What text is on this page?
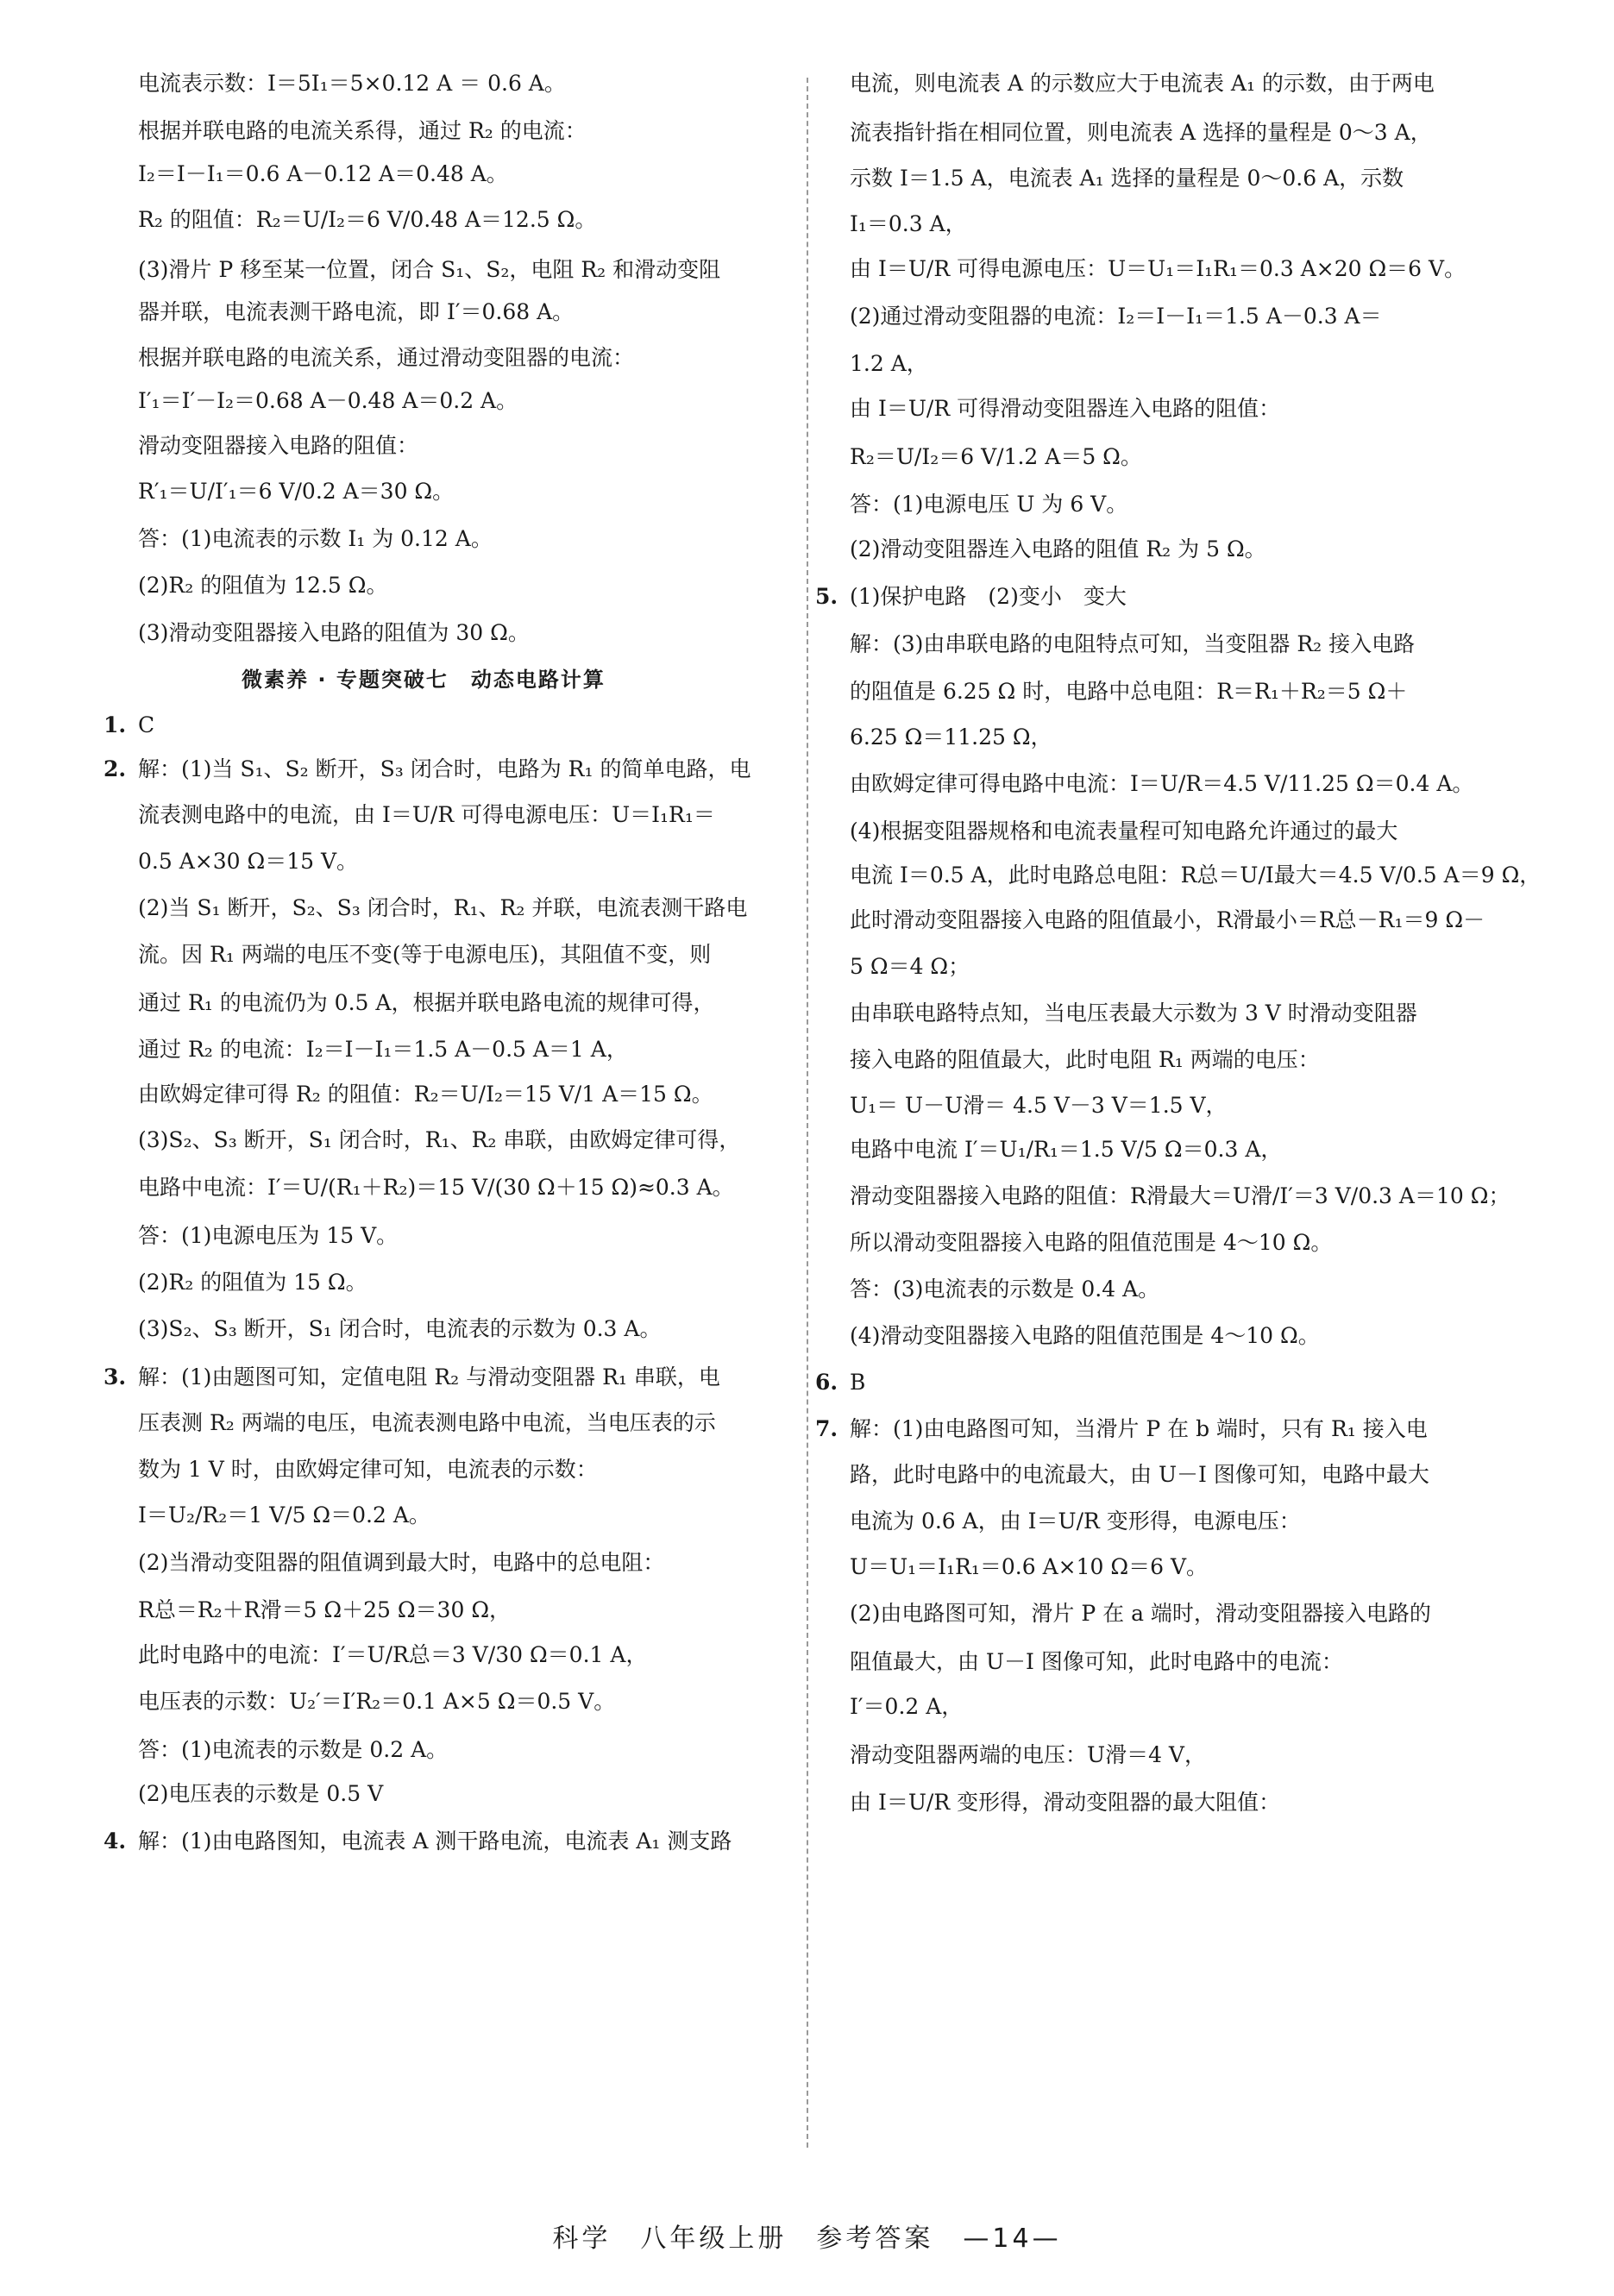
电流表示数：I＝5I₁＝5×0.12 A ＝ 0.6 A。
根据并联电路的电流关系得，通过 R₂ 的电流：
I₂＝I－I₁＝0.6 A－0.12 A＝0.48 A。
R₂ 的阻值：R₂＝U/I₂＝6 V/0.48 A＝12.5 Ω。
(3)滑片 P 移至某一位置，闭合 S₁、S₂，电阻 R₂ 和滑动变阻
器并联，电流表测干路电流，即 I′＝0.68 A。
根据并联电路的电流关系，通过滑动变阻器的电流：
I′₁＝I′－I₂＝0.68 A－0.48 A＝0.2 A。
滑动变阻器接入电路的阻值：
R′₁＝U/I′₁＝6 V/0.2 A＝30 Ω。
答：(1)电流表的示数 I₁ 为 0.12 A。
(2)R₂ 的阻值为 12.5 Ω。
(3)滑动变阻器接入电路的阻值为 30 Ω。
微素养 · 专题突破七　动态电路计算
1. C
2. 解：(1)当 S₁、S₂ 断开，S₃ 闭合时，电路为 R₁ 的简单电路，电
流表测电路中的电流，由 I＝U/R 可得电源电压：U＝I₁R₁＝
0.5 A×30 Ω＝15 V。
(2)当 S₁ 断开，S₂、S₃ 闭合时，R₁、R₂ 并联，电流表测干路电
流。因 R₁ 两端的电压不变(等于电源电压)，其阻值不变，则
通过 R₁ 的电流仍为 0.5 A，根据并联电路电流的规律可得，
通过 R₂ 的电流：I₂＝I－I₁＝1.5 A－0.5 A＝1 A，
由欧姆定律可得 R₂ 的阻值：R₂＝U/I₂＝15 V/1 A＝15 Ω。
(3)S₂、S₃ 断开，S₁ 闭合时，R₁、R₂ 串联，由欧姆定律可得，
电路中电流：I′＝U/(R₁＋R₂)＝15 V/(30 Ω＋15 Ω)≈0.3 A。
答：(1)电源电压为 15 V。
(2)R₂ 的阻值为 15 Ω。
(3)S₂、S₃ 断开，S₁ 闭合时，电流表的示数为 0.3 A。
3. 解：(1)由题图可知，定值电阻 R₂ 与滑动变阻器 R₁ 串联，电
压表测 R₂ 两端的电压，电流表测电路中电流，当电压表的示
数为 1 V 时，由欧姆定律可知，电流表的示数：
I＝U₂/R₂＝1 V/5 Ω＝0.2 A。
(2)当滑动变阻器的阻值调到最大时，电路中的总电阻：
R总＝R₂＋R滑＝5 Ω＋25 Ω＝30 Ω，
此时电路中的电流：I′＝U/R总＝3 V/30 Ω＝0.1 A，
电压表的示数：U₂′＝I′R₂＝0.1 A×5 Ω＝0.5 V。
答：(1)电流表的示数是 0.2 A。
(2)电压表的示数是 0.5 V
4. 解：(1)由电路图知，电流表 A 测干路电流，电流表 A₁ 测支路
电流，则电流表 A 的示数应大于电流表 A₁ 的示数，由于两电
流表指针指在相同位置，则电流表 A 选择的量程是 0～3 A，
示数 I＝1.5 A，电流表 A₁ 选择的量程是 0～0.6 A，示数
I₁＝0.3 A，
由 I＝U/R 可得电源电压：U＝U₁＝I₁R₁＝0.3 A×20 Ω＝6 V。
(2)通过滑动变阻器的电流：I₂＝I－I₁＝1.5 A－0.3 A＝
1.2 A，
由 I＝U/R 可得滑动变阻器连入电路的阻值：
R₂＝U/I₂＝6 V/1.2 A＝5 Ω。
答：(1)电源电压 U 为 6 V。
(2)滑动变阻器连入电路的阻值 R₂ 为 5 Ω。
5. (1)保护电路　(2)变小　变大
解：(3)由串联电路的电阻特点可知，当变阻器 R₂ 接入电路
的阻值是 6.25 Ω 时，电路中总电阻：R＝R₁＋R₂＝5 Ω＋
6.25 Ω＝11.25 Ω，
由欧姆定律可得电路中电流：I＝U/R＝4.5 V/11.25 Ω＝0.4 A。
(4)根据变阻器规格和电流表量程可知电路允许通过的最大
电流 I＝0.5 A，此时电路总电阻：R总＝U/I最大＝4.5 V/0.5 A＝9 Ω，
此时滑动变阻器接入电路的阻值最小，R滑最小＝R总－R₁＝9 Ω－
5 Ω＝4 Ω；
由串联电路特点知，当电压表最大示数为 3 V 时滑动变阻器
接入电路的阻值最大，此时电阻 R₁ 两端的电压：
U₁＝ U－U滑＝ 4.5 V－3 V＝1.5 V，
电路中电流 I′＝U₁/R₁＝1.5 V/5 Ω＝0.3 A，
滑动变阻器接入电路的阻值：R滑最大＝U滑/I′＝3 V/0.3 A＝10 Ω；
所以滑动变阻器接入电路的阻值范围是 4～10 Ω。
答：(3)电流表的示数是 0.4 A。
(4)滑动变阻器接入电路的阻值范围是 4～10 Ω。
6. B
7. 解：(1)由电路图可知，当滑片 P 在 b 端时，只有 R₁ 接入电
路，此时电路中的电流最大，由 U－I 图像可知，电路中最大
电流为 0.6 A，由 I＝U/R 变形得，电源电压：
U＝U₁＝I₁R₁＝0.6 A×10 Ω＝6 V。
(2)由电路图可知，滑片 P 在 a 端时，滑动变阻器接入电路的
阻值最大，由 U－I 图像可知，此时电路中的电流：
I′＝0.2 A，
滑动变阻器两端的电压：U滑＝4 V，
由 I＝U/R 变形得，滑动变阻器的最大阻值：
科学　八年级上册　参考答案　—14—
